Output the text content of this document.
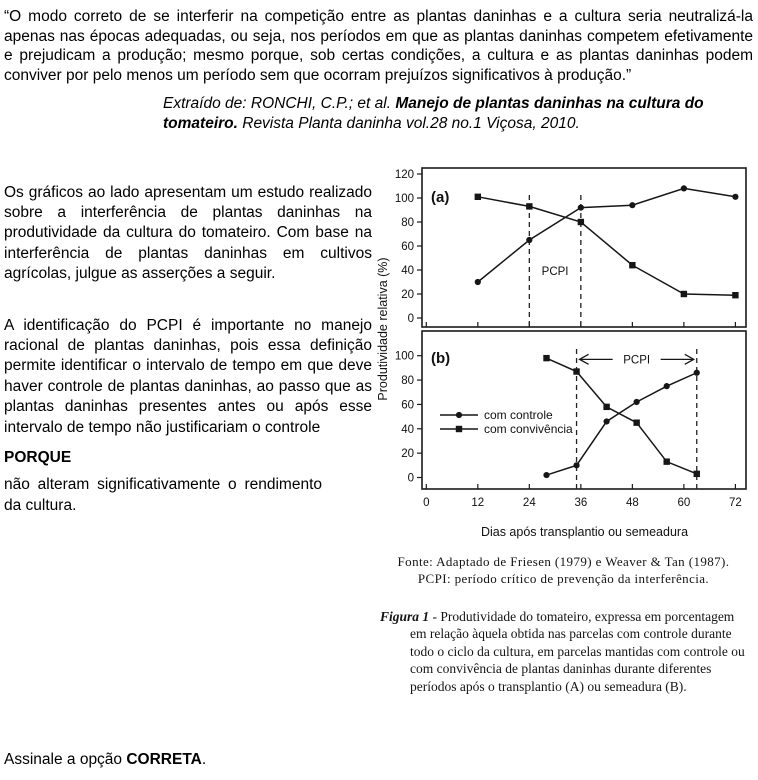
“O modo correto de se interferir na competição entre as plantas daninhas e a cultura seria neutralizá-la apenas nas épocas adequadas, ou seja, nos períodos em que as plantas daninhas competem efetivamente e prejudicam a produção; mesmo porque, sob certas condições, a cultura e as plantas daninhas podem conviver por pelo menos um período sem que ocorram prejuízos significativos à produção.”

Extraído de: RONCHI, C.P.; et al. Manejo de plantas daninhas na cultura do tomateiro. Revista Planta daninha vol.28 no.1 Viçosa, 2010.

Os gráficos ao lado apresentam um estudo realizado sobre a interferência de plantas daninhas na produtividade da cultura do tomateiro. Com base na interferência de plantas daninhas em cultivos agrícolas, julgue as asserções a seguir.

A identificação do PCPI é importante no manejo racional de plantas daninhas, pois essa definição permite identificar o intervalo de tempo em que deve haver controle de plantas daninhas, ao passo que as plantas daninhas presentes antes ou após esse intervalo de tempo não justificariam o controle

PORQUE

não alteram significativamente o rendimento da cultura.

0
20
40
60
80
100
120
(a)
PCPI
0
20
40
60
80
100
0	12	24	36	48	60	72
(b)	PCPI
com controle
com convivência
Produtividade relativa (%)
Dias após transplantio ou semeadura
Fonte: Adaptado de Friesen (1979) e Weaver & Tan (1987).
PCPI: período crítico de prevenção da interferência.
Figura 1 - Produtividade do tomateiro, expressa em porcentagem em relação àquela obtida nas parcelas com controle durante todo o ciclo da cultura, em parcelas mantidas com controle ou com convivência de plantas daninhas durante diferentes períodos após o transplantio (A) ou semeadura (B).

Assinale a opção CORRETA.
